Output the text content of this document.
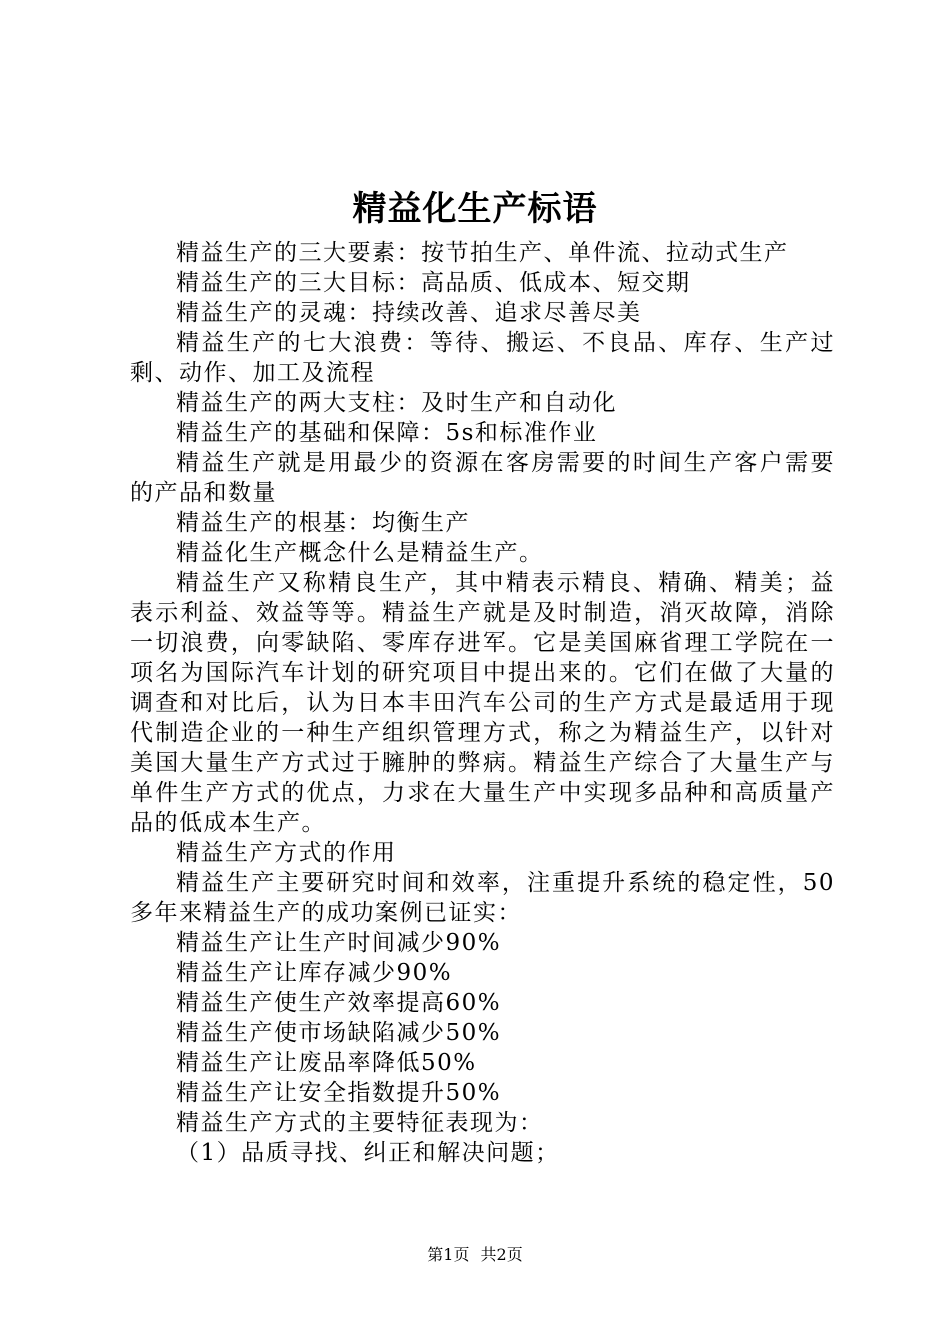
精益化生产标语

精益生产的三大要素：按节拍生产、单件流、拉动式生产

精益生产的三大目标：高品质、低成本、短交期

精益生产的灵魂：持续改善、追求尽善尽美

精益生产的七大浪费：等待、搬运、不良品、库存、生产过剩、动作、加工及流程

精益生产的两大支柱：及时生产和自动化

精益生产的基础和保障：5s和标准作业

精益生产就是用最少的资源在客房需要的时间生产客户需要的产品和数量

精益生产的根基：均衡生产

精益化生产概念什么是精益生产。

精益生产又称精良生产，其中精表示精良、精确、精美；益表示利益、效益等等。精益生产就是及时制造，消灭故障，消除一切浪费，向零缺陷、零库存进军。它是美国麻省理工学院在一项名为国际汽车计划的研究项目中提出来的。它们在做了大量的调查和对比后，认为日本丰田汽车公司的生产方式是最适用于现代制造企业的一种生产组织管理方式，称之为精益生产，以针对美国大量生产方式过于臃肿的弊病。精益生产综合了大量生产与单件生产方式的优点，力求在大量生产中实现多品种和高质量产品的低成本生产。

精益生产方式的作用

精益生产主要研究时间和效率，注重提升系统的稳定性，50多年来精益生产的成功案例已证实：

精益生产让生产时间减少90%

精益生产让库存减少90%

精益生产使生产效率提高60%

精益生产使市场缺陷减少50%

精益生产让废品率降低50%

精益生产让安全指数提升50%

精益生产方式的主要特征表现为：

（1）品质寻找、纠正和解决问题；

第1页 共2页
